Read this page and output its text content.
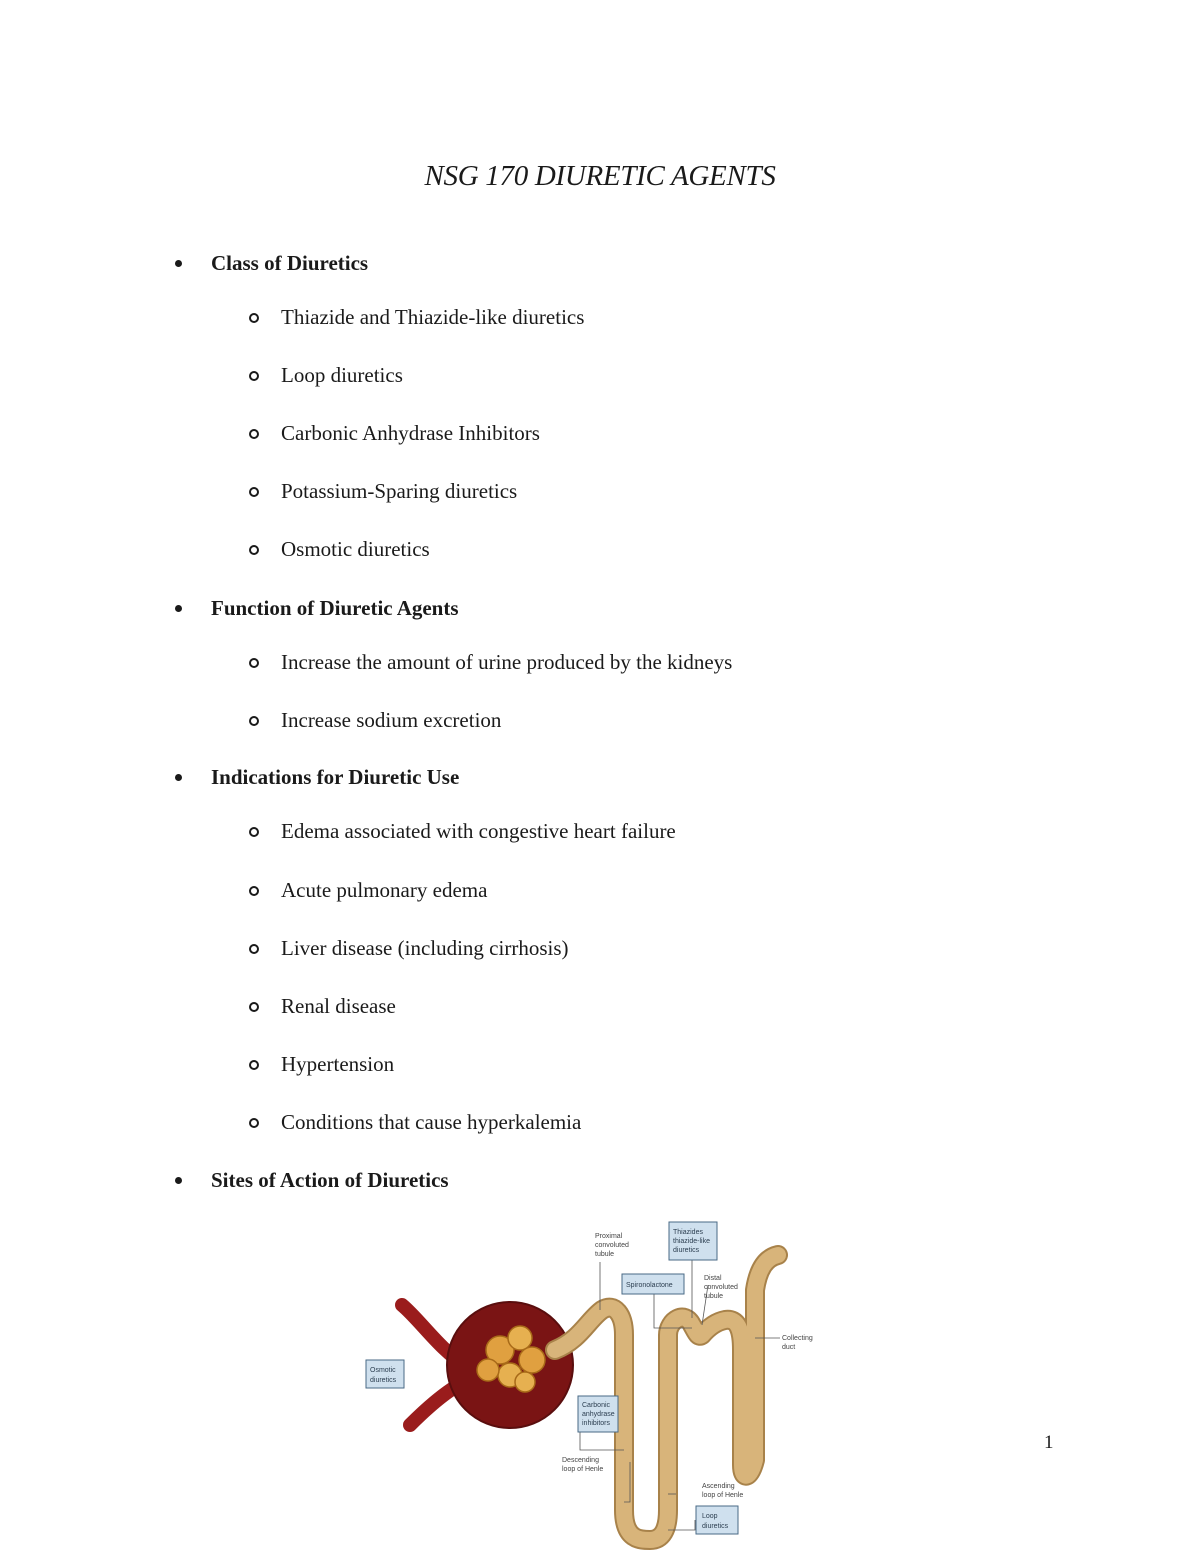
NSG 170 DIURETIC AGENTS
Class of Diuretics
Thiazide and Thiazide-like diuretics
Loop diuretics
Carbonic Anhydrase Inhibitors
Potassium-Sparing diuretics
Osmotic diuretics
Function of Diuretic Agents
Increase the amount of urine produced by the kidneys
Increase sodium excretion
Indications for Diuretic Use
Edema associated with congestive heart failure
Acute pulmonary edema
Liver disease (including cirrhosis)
Renal disease
Hypertension
Conditions that cause hyperkalemia
Sites of Action of Diuretics
Thiazides
thiazide-like
diuretics
Spironolactone
Osmotic
diuretics
Carbonic
anhydrase
inhibitors
Loop
diuretics
Proximal
convoluted
tubule
Distal
convoluted
tubule
Collecting
duct
Descending
loop of Henle
Ascending
loop of Henle
1
